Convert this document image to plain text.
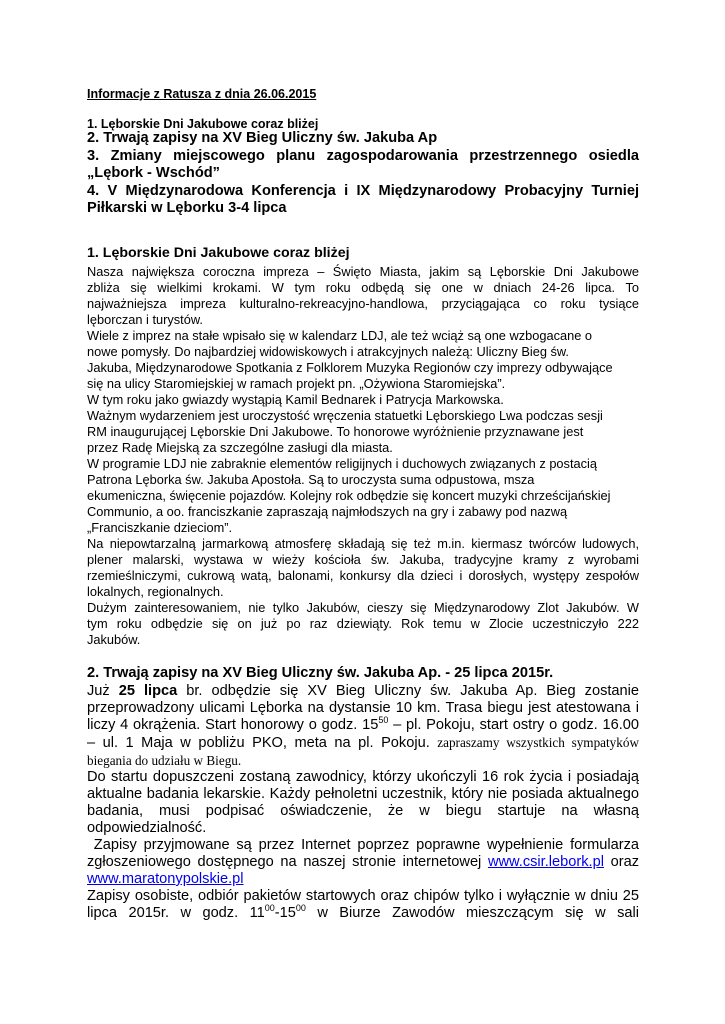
Informacje z Ratusza z dnia 26.06.2015
1. Lęborskie Dni Jakubowe coraz bliżej
2. Trwają zapisy na XV Bieg Uliczny św. Jakuba Ap
3. Zmiany miejscowego planu zagospodarowania przestrzennego osiedla
„Lębork - Wschód”
4. V Międzynarodowa Konferencja i IX Międzynarodowy Probacyjny Turniej
Piłkarski w Lęborku 3-4 lipca
1. Lęborskie Dni Jakubowe coraz bliżej
Nasza największa coroczna impreza – Święto Miasta, jakim są Lęborskie Dni Jakubowe
zbliża się wielkimi krokami. W tym roku odbędą się one w dniach 24-26 lipca. To
najważniejsza impreza kulturalno-rekreacyjno-handlowa, przyciągająca co roku tysiące
lęborczan i turystów.
Wiele z imprez na stałe wpisało się w kalendarz LDJ, ale też wciąż są one wzbogacane o
nowe pomysły. Do najbardziej widowiskowych i atrakcyjnych należą: Uliczny Bieg św.
Jakuba, Międzynarodowe Spotkania z Folklorem Muzyka Regionów czy imprezy odbywające
się na ulicy Staromiejskiej w ramach projekt pn. „Ożywiona Staromiejska”.
W tym roku jako gwiazdy wystąpią Kamil Bednarek i Patrycja Markowska.
Ważnym wydarzeniem jest uroczystość wręczenia statuetki Lęborskiego Lwa podczas sesji
RM inaugurującej Lęborskie Dni Jakubowe. To honorowe wyróżnienie przyznawane jest
przez Radę Miejską za szczególne zasługi dla miasta.
W programie LDJ nie zabraknie elementów religijnych i duchowych związanych z postacią
Patrona Lęborka św. Jakuba Apostoła. Są to uroczysta suma odpustowa, msza
ekumeniczna, święcenie pojazdów. Kolejny rok odbędzie się koncert muzyki chrześcijańskiej
Communio, a oo. franciszkanie zapraszają najmłodszych na gry i zabawy pod nazwą
„Franciszkanie dzieciom”.
Na niepowtarzalną jarmarkową atmosferę składają się też m.in. kiermasz twórców ludowych,
plener malarski, wystawa w wieży kościoła św. Jakuba, tradycyjne kramy z wyrobami
rzemieślniczymi, cukrową watą, balonami, konkursy dla dzieci i dorosłych, występy zespołów
lokalnych, regionalnych.
Dużym zainteresowaniem, nie tylko Jakubów, cieszy się Międzynarodowy Zlot Jakubów. W
tym roku odbędzie się on już po raz dziewiąty. Rok temu w Zlocie uczestniczyło 222
Jakubów.
2. Trwają zapisy na XV Bieg Uliczny św. Jakuba Ap. - 25 lipca 2015r.
Już 25 lipca br. odbędzie się XV Bieg Uliczny św. Jakuba Ap. Bieg zostanie
przeprowadzony ulicami Lęborka na dystansie 10 km. Trasa biegu jest atestowana i
liczy 4 okrążenia. Start honorowy o godz. $15^{50}$ – pl. Pokoju, start ostry o godz. 16.00
– ul. 1 Maja w pobliżu PKO, meta na pl. Pokoju. zapraszamy wszystkich sympatyków
biegania do udziału w Biegu.
Do startu dopuszczeni zostaną zawodnicy, którzy ukończyli 16 rok życia i posiadają
aktualne badania lekarskie. Każdy pełnoletni uczestnik, który nie posiada aktualnego
badania, musi podpisać oświadczenie, że w biegu startuje na własną
odpowiedzialność.
Zapisy przyjmowane są przez Internet poprzez poprawne wypełnienie formularza
zgłoszeniowego dostępnego na naszej stronie internetowej www.csir.lebork.pl oraz
www.maratonypolskie.pl
Zapisy osobiste, odbiór pakietów startowych oraz chipów tylko i wyłącznie w dniu 25
lipca 2015r. w godz. $11^{00}-15^{00}$ w Biurze Zawodów mieszczącym się w sali
